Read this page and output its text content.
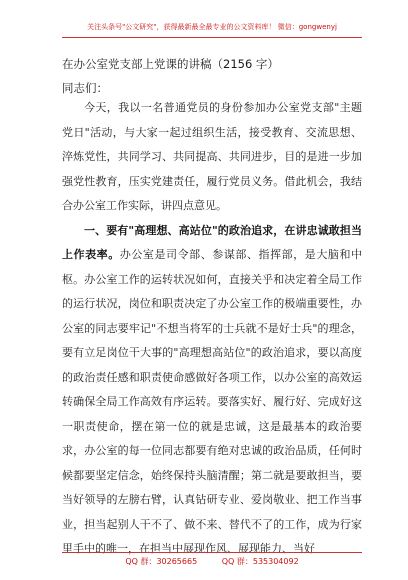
关注头条号"公文研究"，获得最新最全最专业的公文资料库！ 微信：gongwenyj
在办公室党支部上党课的讲稿（2156 字）
同志们：

今天，我以一名普通党员的身份参加办公室党支部"主题党日"活动，与大家一起过组织生活，接受教育、交流思想、淬炼党性，共同学习、共同提高、共同进步，目的是进一步加强党性教育，压实党建责任，履行党员义务。借此机会，我结合办公室工作实际，讲四点意见。

一、要有"高理想、高站位"的政治追求，在讲忠诚敢担当上作表率。办公室是司令部、参谋部、指挥部，是大脑和中枢。办公室工作的运转状况如何，直接关乎和决定着全局工作的运行状况，岗位和职责决定了办公室工作的极端重要性，办公室的同志要牢记"不想当将军的士兵就不是好士兵"的理念，要有立足岗位干大事的"高理想高站位"的政治追求，要以高度的政治责任感和职责使命感做好各项工作，以办公室的高效运转确保全局工作高效有序运转。要落实好、履行好、完成好这一职责使命，摆在第一位的就是忠诚，这是最基本的政治要求，办公室的每一位同志都要有绝对忠诚的政治品质，任何时候都要坚定信念，始终保持头脑清醒；第二就是要敢担当，要当好领导的左膀右臂，认真钻研专业、爱岗敬业、把工作当事业，担当起别人干不了、做不来、替代不了的工作，成为行家里手中的唯一，在担当中展现作风、展现能力、当好

QQ 群：30265665	QQ 群：535304092
